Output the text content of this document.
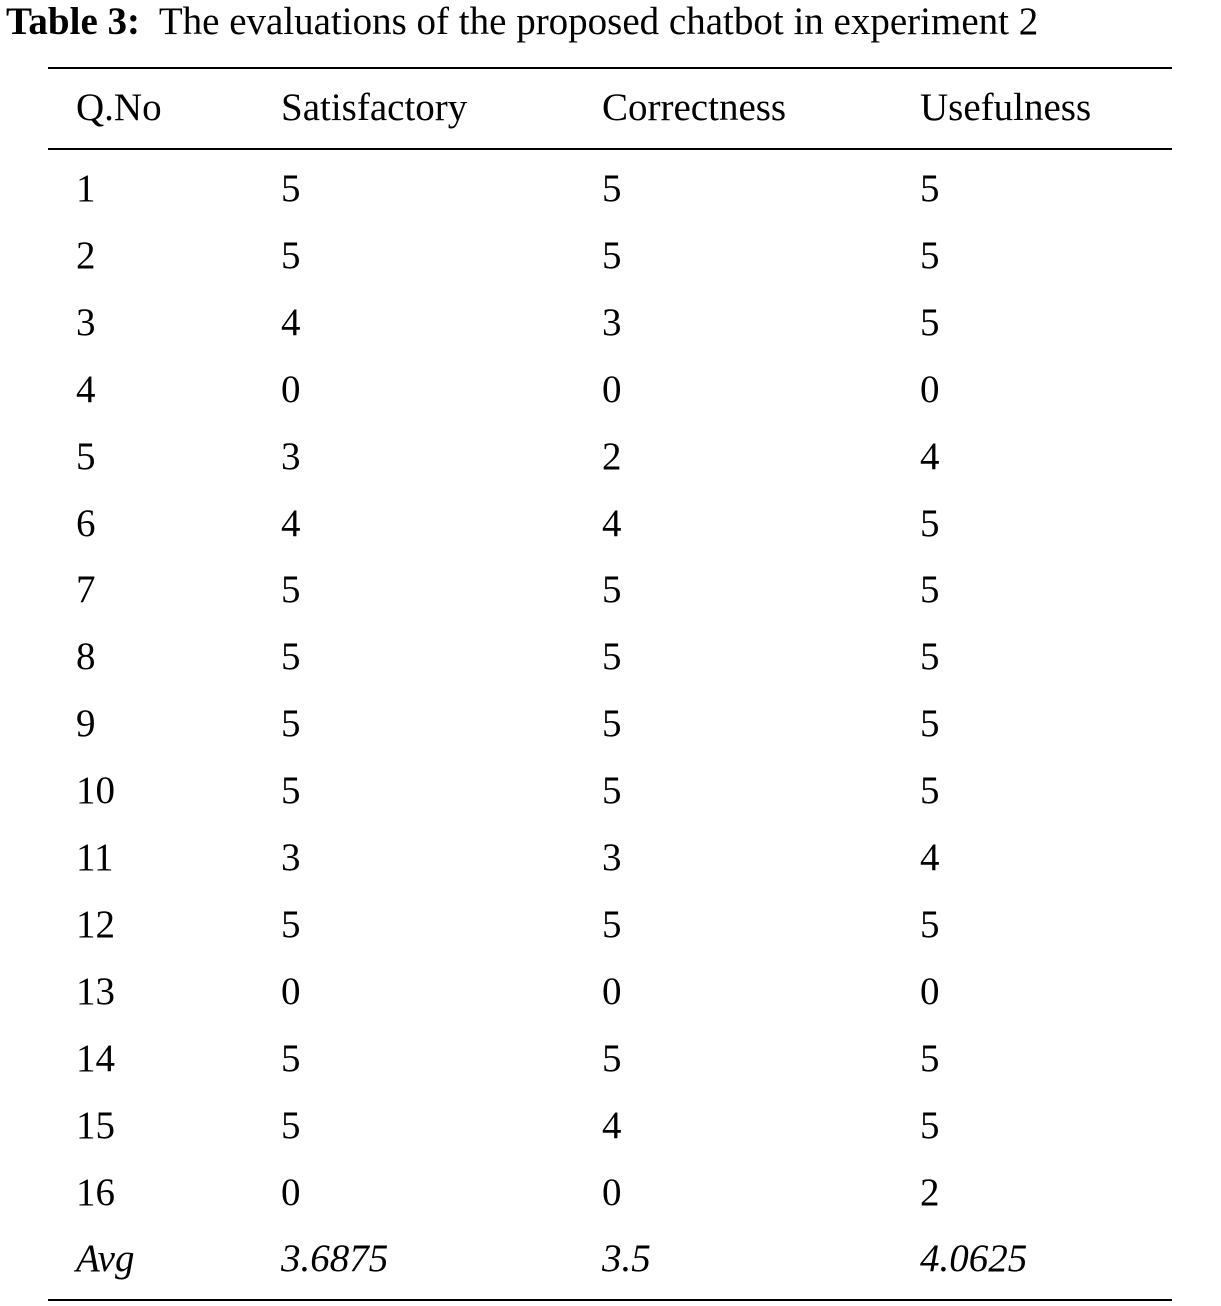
Table 3: The evaluations of the proposed chatbot in experiment 2
Q.No	Satisfactory	Correctness	Usefulness
1	5	5	5
2	5	5	5
3	4	3	5
4	0	0	0
5	3	2	4
6	4	4	5
7	5	5	5
8	5	5	5
9	5	5	5
10	5	5	5
11	3	3	4
12	5	5	5
13	0	0	0
14	5	5	5
15	5	4	5
16	0	0	2
Avg	3.6875	3.5	4.0625
